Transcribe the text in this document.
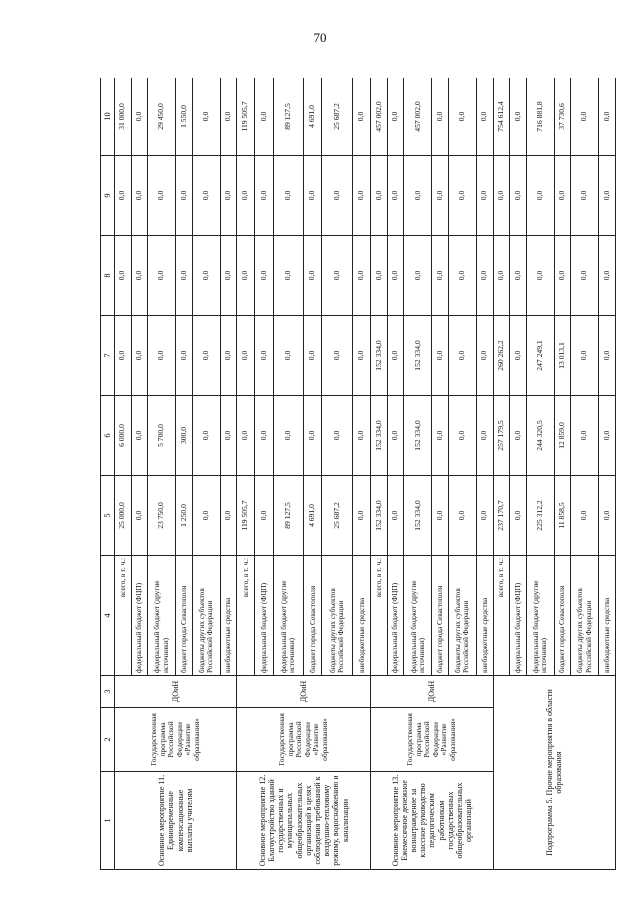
70
1	2	3	4	5	6	7	8	9	10
Основное мероприятие 11. Единовременные компенсационные выплаты учителям	Государственная программа Российской Федерации «Развитие образования»	ДОиН	всего, в т. ч.:	25 000,0	6 000,0	0,0	0,0	0,0	31 000,0
			федеральный бюджет (ФЦП)	0,0	0,0	0,0	0,0	0,0	0,0
			федеральный бюджет (другие источники)	23 750,0	5 700,0	0,0	0,0	0,0	29 450,0
			бюджет города Севастополя	1 250,0	300,0	0,0	0,0	0,0	1 550,0
			бюджеты других субъектов Российской Федерации	0,0	0,0	0,0	0,0	0,0	0,0
			внебюджетные средства	0,0	0,0	0,0	0,0	0,0	0,0
Основное мероприятие 12. Благоустройство зданий государственных и муниципальных общеобразовательных организаций в целях соблюдения требований к воздушно-тепловому режиму, водоснабжению и канализации	Государственная программа Российской Федерации «Развитие образования»	ДОиН	всего, в т. ч.:	119 505,7	0,0	0,0	0,0	0,0	119 505,7
			федеральный бюджет (ФЦП)	0,0	0,0	0,0	0,0	0,0	0,0
			федеральный бюджет (другие источники)	89 127,5	0,0	0,0	0,0	0,0	89 127,5
			бюджет города Севастополя	4 691,0	0,0	0,0	0,0	0,0	4 691,0
			бюджеты других субъектов Российской Федерации	25 687,2	0,0	0,0	0,0	0,0	25 687,2
			внебюджетные средства	0,0	0,0	0,0	0,0	0,0	0,0
Основное мероприятие 13. Ежемесячное денежное вознаграждение за классное руководство педагогическим работникам государственных общеобразовательных организаций	Государственная программа Российской Федерации «Развитие образования»	ДОиН	всего, в т. ч.:	152 334,0	152 334,0	152 334,0	0,0	0,0	457 002,0
			федеральный бюджет (ФЦП)	0,0	0,0	0,0	0,0	0,0	0,0
			федеральный бюджет (другие источники)	152 334,0	152 334,0	152 334,0	0,0	0,0	457 002,0
			бюджет города Севастополя	0,0	0,0	0,0	0,0	0,0	0,0
			бюджеты других субъектов Российской Федерации	0,0	0,0	0,0	0,0	0,0	0,0
			внебюджетные средства	0,0	0,0	0,0	0,0	0,0	0,0
Подпрограмма 5. Прочие мероприятия в области образования			всего, в т. ч.:	237 170,7	257 179,5	260 262,2	0,0	0,0	754 612,4
			федеральный бюджет (ФЦП)	0,0	0,0	0,0	0,0	0,0	0,0
			федеральный бюджет (другие источники)	225 312,2	244 320,5	247 249,1	0,0	0,0	716 881,8
			бюджет города Севастополя	11 858,5	12 859,0	13 013,1	0,0	0,0	37 730,6
			бюджеты других субъектов Российской Федерации	0,0	0,0	0,0	0,0	0,0	0,0
			внебюджетные средства	0,0	0,0	0,0	0,0	0,0	0,0
